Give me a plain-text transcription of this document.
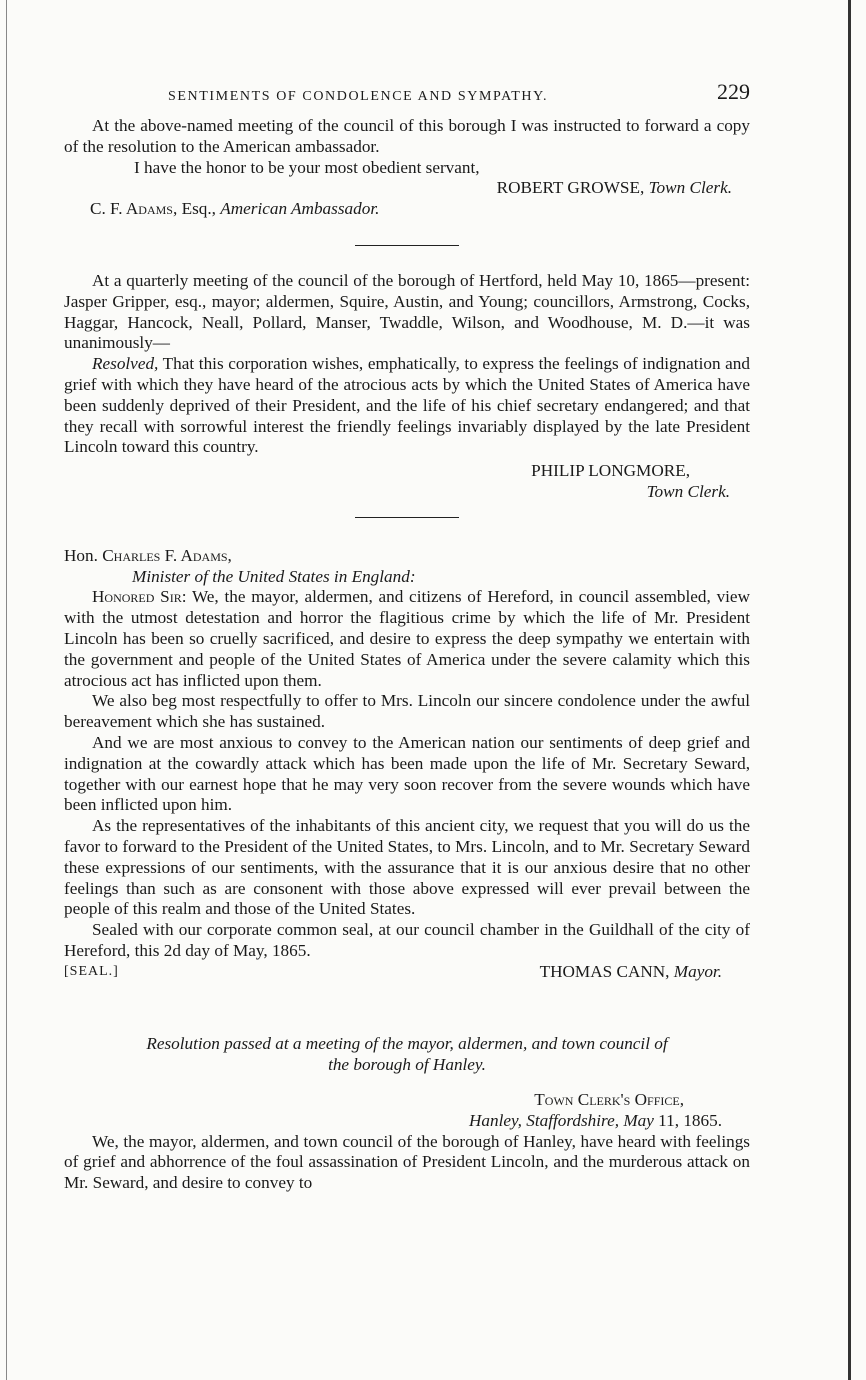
SENTIMENTS OF CONDOLENCE AND SYMPATHY.	229

At the above-named meeting of the council of this borough I was instructed to forward a copy of the resolution to the American ambassador.

I have the honor to be your most obedient servant,

ROBERT GROWSE, Town Clerk.

C. F. Adams, Esq., American Ambassador.

At a quarterly meeting of the council of the borough of Hertford, held May 10, 1865—present: Jasper Gripper, esq., mayor; aldermen, Squire, Austin, and Young; councillors, Armstrong, Cocks, Haggar, Hancock, Neall, Pollard, Manser, Twaddle, Wilson, and Woodhouse, M. D.—it was unanimously—

Resolved, That this corporation wishes, emphatically, to express the feelings of indignation and grief with which they have heard of the atrocious acts by which the United States of America have been suddenly deprived of their President, and the life of his chief secretary endangered; and that they recall with sorrowful interest the friendly feelings invariably displayed by the late President Lincoln toward this country.

PHILIP LONGMORE,

Town Clerk.

Hon. Charles F. Adams,

Minister of the United States in England:

Honored Sir: We, the mayor, aldermen, and citizens of Hereford, in council assembled, view with the utmost detestation and horror the flagitious crime by which the life of Mr. President Lincoln has been so cruelly sacrificed, and desire to express the deep sympathy we entertain with the government and people of the United States of America under the severe calamity which this atrocious act has inflicted upon them.

We also beg most respectfully to offer to Mrs. Lincoln our sincere condolence under the awful bereavement which she has sustained.

And we are most anxious to convey to the American nation our sentiments of deep grief and indignation at the cowardly attack which has been made upon the life of Mr. Secretary Seward, together with our earnest hope that he may very soon recover from the severe wounds which have been inflicted upon him.

As the representatives of the inhabitants of this ancient city, we request that you will do us the favor to forward to the President of the United States, to Mrs. Lincoln, and to Mr. Secretary Seward these expressions of our sentiments, with the assurance that it is our anxious desire that no other feelings than such as are consonent with those above expressed will ever prevail between the people of this realm and those of the United States.

Sealed with our corporate common seal, at our council chamber in the Guildhall of the city of Hereford, this 2d day of May, 1865.

[SEAL.]	THOMAS CANN, Mayor.

Resolution passed at a meeting of the mayor, aldermen, and town council of

the borough of Hanley.

Town Clerk's Office,

Hanley, Staffordshire, May 11, 1865.

We, the mayor, aldermen, and town council of the borough of Hanley, have heard with feelings of grief and abhorrence of the foul assassination of President Lincoln, and the murderous attack on Mr. Seward, and desire to convey to
